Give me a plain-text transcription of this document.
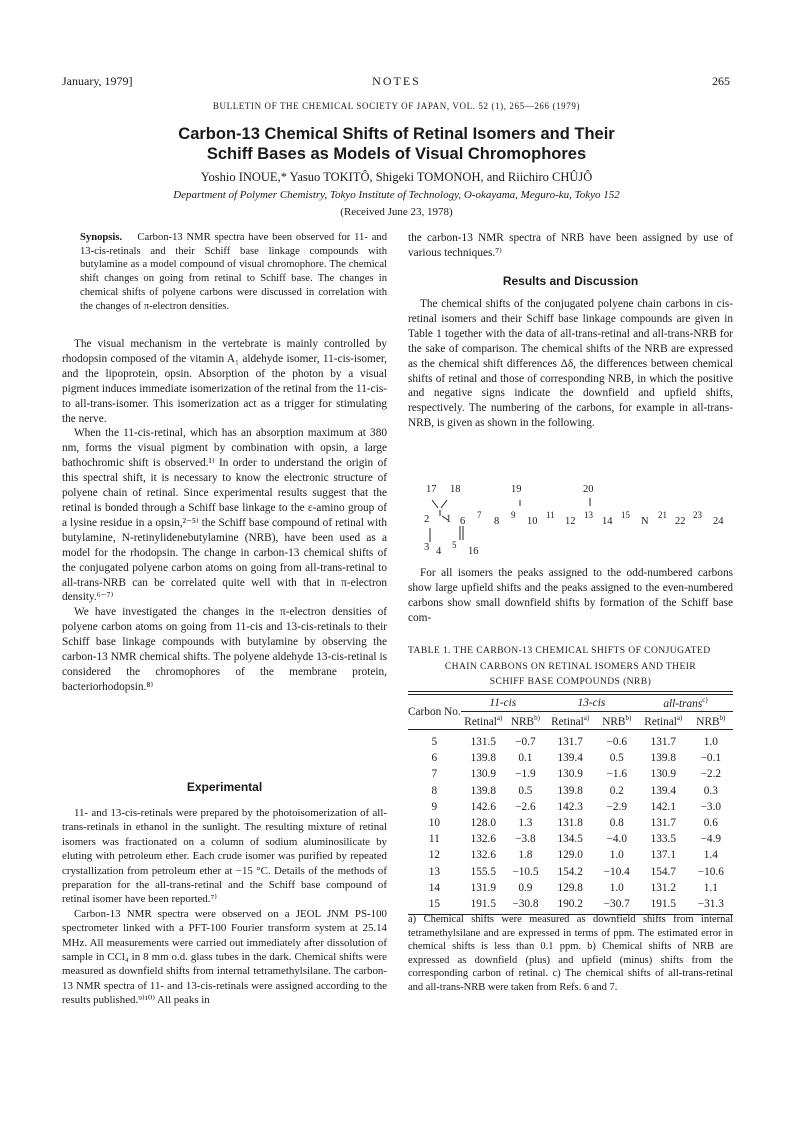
January, 1979]	NOTES	265
BULLETIN OF THE CHEMICAL SOCIETY OF JAPAN, VOL. 52 (1), 265—266 (1979)
Carbon-13 Chemical Shifts of Retinal Isomers and Their
Schiff Bases as Models of Visual Chromophores
Yoshio INOUE,* Yasuo TOKITÔ, Shigeki TOMONOH, and Riichiro CHÛJÔ
Department of Polymer Chemistry, Tokyo Institute of Technology, O-okayama, Meguro-ku, Tokyo 152
(Received June 23, 1978)
Synopsis. Carbon-13 NMR spectra have been observed for 11- and 13-cis-retinals and their Schiff base linkage compounds with butylamine as a model compound of visual chromophore. The chemical shift changes on going from retinal to Schiff base. The changes in chemical shifts of polyene carbons were discussed in correlation with the changes of π-electron densities.

The visual mechanism in the vertebrate is mainly controlled by rhodopsin composed of the vitamin A₁ aldehyde isomer, 11-cis-isomer, and the lipoprotein, opsin. Absorption of the photon by a visual pigment induces immediate isomerization of the retinal from the 11-cis- to all-trans-isomer. This isomerization act as a trigger for stimulating the nerve.

When the 11-cis-retinal, which has an absorption maximum at 380 nm, forms the visual pigment by combination with opsin, a large bathochromic shift is observed.¹⁾ In order to understand the origin of this spectral shift, it is necessary to know the electronic structure of polyene chain of retinal. Since experimental results suggest that the retinal is bonded through a Schiff base linkage to the ε-amino group of a lysine residue in a opsin,²⁻⁵⁾ the Schiff base compound of retinal with butylamine, N-retinylidenebutylamine (NRB), have been used as a model for the rhodopsin. The change in carbon-13 chemical shifts of the conjugated polyene carbon atoms on going from all-trans-retinal to all-trans-NRB can be correlated quite well with that in π-electron density.⁶⁻⁷⁾

We have investigated the changes in the π-electron densities of polyene carbon atoms on going from 11-cis and 13-cis-retinals to their Schiff base linkage compounds with butylamine by observing the carbon-13 NMR chemical shifts. The polyene aldehyde 13-cis-retinal is considered the chromophores of the membrane protein, bacteriorhodopsin.⁸⁾

Experimental

11- and 13-cis-retinals were prepared by the photoisomerization of all-trans-retinals in ethanol in the sunlight. The resulting mixture of retinal isomers was fractionated on a column of sodium aluminosilicate by eluting with petroleum ether. Each crude isomer was purified by repeated crystallization from petroleum ether at −15 °C. Details of the methods of preparation for the all-trans-retinal and the Schiff base compound of retinal isomer have been reported.⁷⁾

Carbon-13 NMR spectra were observed on a JEOL JNM PS-100 spectrometer linked with a PFT-100 Fourier transform system at 25.14 MHz. All measurements were carried out immediately after dissolution of sample in CCl₄ in 8 mm o.d. glass tubes in the dark. Chemical shifts were measured as downfield shifts from internal tetramethylsilane. The carbon-13 NMR spectra of 11- and 13-cis-retinals were assigned according to the results published.⁹⁾¹⁰⁾ All peaks in

the carbon-13 NMR spectra of NRB have been assigned by use of various techniques.⁷⁾

Results and Discussion

The chemical shifts of the conjugated polyene chain carbons in cis-retinal isomers and their Schiff base linkage compounds are given in Table 1 together with the data of all-trans-retinal and all-trans-NRB for the sake of comparison. The chemical shifts of the NRB are expressed as the chemical shift differences Δδ, the differences between chemical shifts of retinal and those of corresponding NRB, in which the positive and negative signs indicate the downfield and upfield shifts, respectively. The numbering of the carbons, for example in all-trans-NRB, is given as shown in the following.

17 18	19	20
2 1 6
7
8
9
10
11
12
13
14
15
N
21
22
23
24
3 4
5
16

For all isomers the peaks assigned to the odd-numbered carbons show large upfield shifts and the peaks assigned to the even-numbered carbons show small downfield shifts by formation of the Schiff base com-

TABLE 1. THE CARBON-13 CHEMICAL SHIFTS OF CONJUGATED
CHAIN CARBONS ON RETINAL ISOMERS AND THEIR
SCHIFF BASE COMPOUNDS (NRB)
Carbon No.	11-cis		13-cis		all-trans$^{c)}$
	Retinal$^{a)}$	NRB$^{b)}$	Retinal$^{a)}$	NRB$^{b)}$	Retinal$^{a)}$	NRB$^{b)}$

5	131.5	−0.7	131.7	−0.6	131.7	1.0
6	139.8	0.1	139.4	0.5	139.8	−0.1
7	130.9	−1.9	130.9	−1.6	130.9	−2.2
8	139.8	0.5	139.8	0.2	139.4	0.3
9	142.6	−2.6	142.3	−2.9	142.1	−3.0
10	128.0	1.3	131.8	0.8	131.7	0.6
11	132.6	−3.8	134.5	−4.0	133.5	−4.9
12	132.6	1.8	129.0	1.0	137.1	1.4
13	155.5	−10.5	154.2	−10.4	154.7	−10.6
14	131.9	0.9	129.8	1.0	131.2	1.1
15	191.5	−30.8	190.2	−30.7	191.5	−31.3
a) Chemical shifts were measured as downfield shifts from internal tetramethylsilane and are expressed in terms of ppm. The estimated error in chemical shifts is less than 0.1 ppm. b) Chemical shifts of NRB are expressed as downfield (plus) and upfield (minus) shifts from the corresponding carbon of retinal. c) The chemical shifts of all-trans-retinal and all-trans-NRB were taken from Refs. 6 and 7.
